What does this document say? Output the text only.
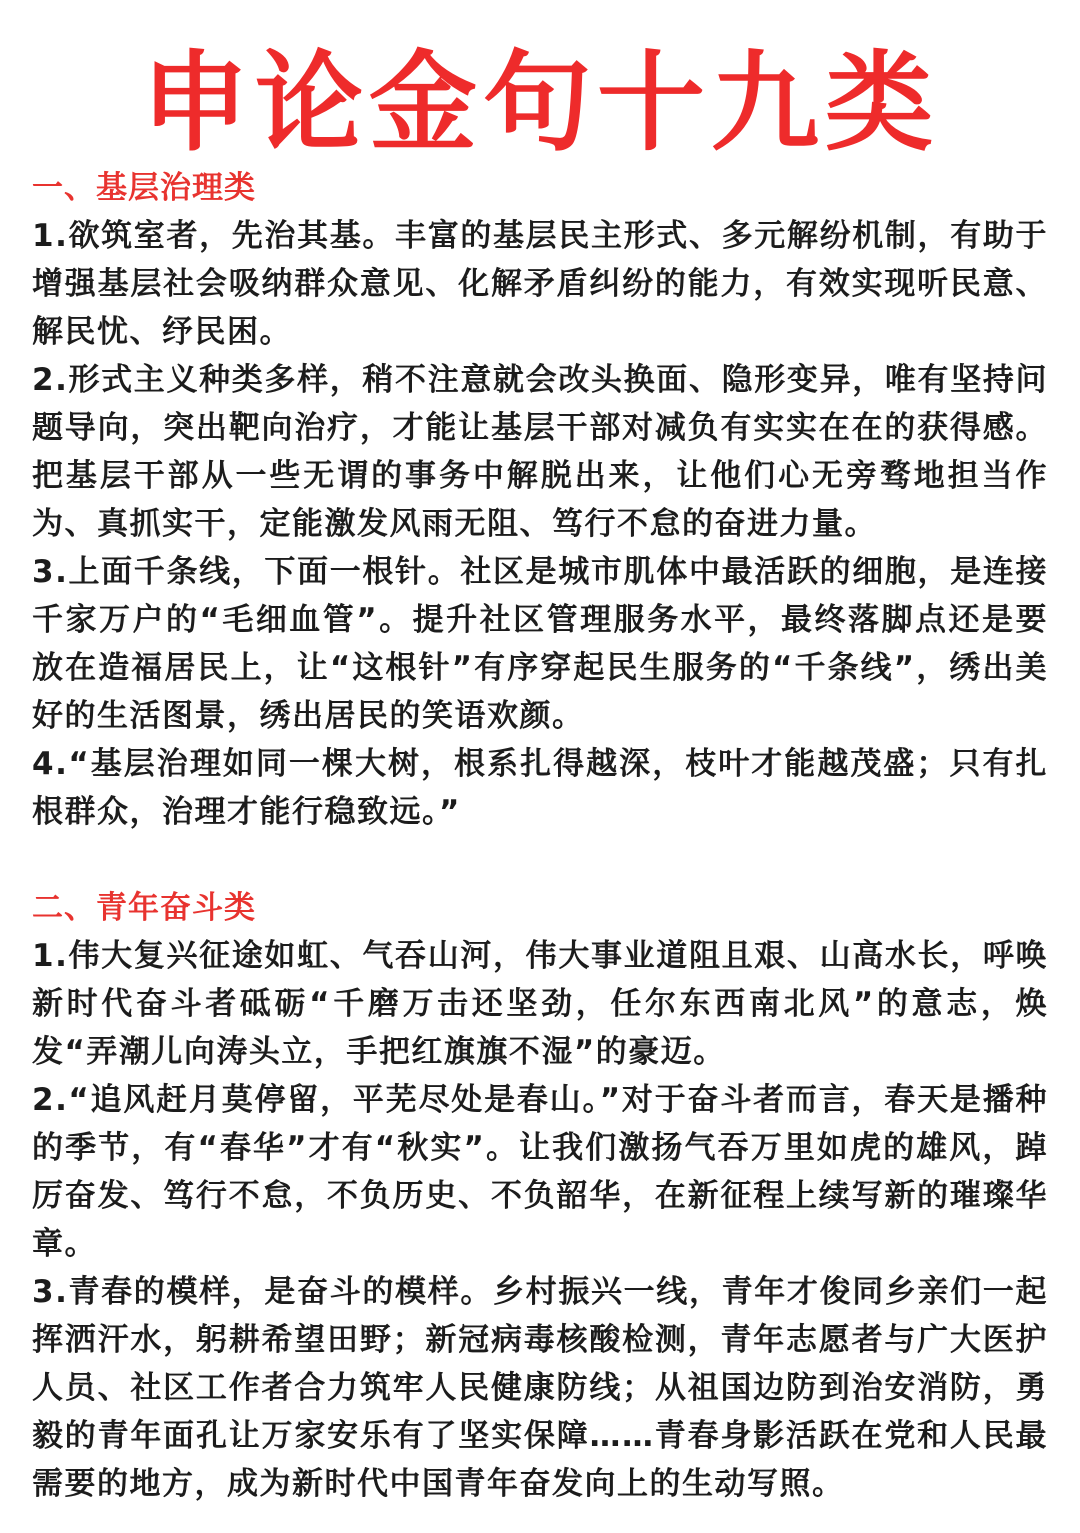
申论金句十九类
一、基层治理类

1.欲筑室者，先治其基。丰富的基层民主形式、多元解纷机制，有助于增强基层社会吸纳群众意见、化解矛盾纠纷的能力，有效实现听民意、解民忧、纾民困。

2.形式主义种类多样，稍不注意就会改头换面、隐形变异，唯有坚持问题导向，突出靶向治疗，才能让基层干部对减负有实实在在的获得感。把基层干部从一些无谓的事务中解脱出来，让他们心无旁骛地担当作为、真抓实干，定能激发风雨无阻、笃行不怠的奋进力量。

3.上面千条线，下面一根针。社区是城市肌体中最活跃的细胞，是连接千家万户的“毛细血管”。提升社区管理服务水平，最终落脚点还是要放在造福居民上，让“这根针”有序穿起民生服务的“千条线”，绣出美好的生活图景，绣出居民的笑语欢颜。

4.“基层治理如同一棵大树，根系扎得越深，枝叶才能越茂盛；只有扎根群众，治理才能行稳致远。”

二、青年奋斗类

1.伟大复兴征途如虹、气吞山河，伟大事业道阻且艰、山高水长，呼唤新时代奋斗者砥砺“千磨万击还坚劲，任尔东西南北风”的意志，焕发“弄潮儿向涛头立，手把红旗旗不湿”的豪迈。

2.“追风赶月莫停留，平芜尽处是春山。”对于奋斗者而言，春天是播种的季节，有“春华”才有“秋实”。让我们激扬气吞万里如虎的雄风，踔厉奋发、笃行不怠，不负历史、不负韶华，在新征程上续写新的璀璨华章。

3.青春的模样，是奋斗的模样。乡村振兴一线，青年才俊同乡亲们一起挥洒汗水，躬耕希望田野；新冠病毒核酸检测，青年志愿者与广大医护人员、社区工作者合力筑牢人民健康防线；从祖国边防到治安消防，勇毅的青年面孔让万家安乐有了坚实保障……青春身影活跃在党和人民最需要的地方，成为新时代中国青年奋发向上的生动写照。
